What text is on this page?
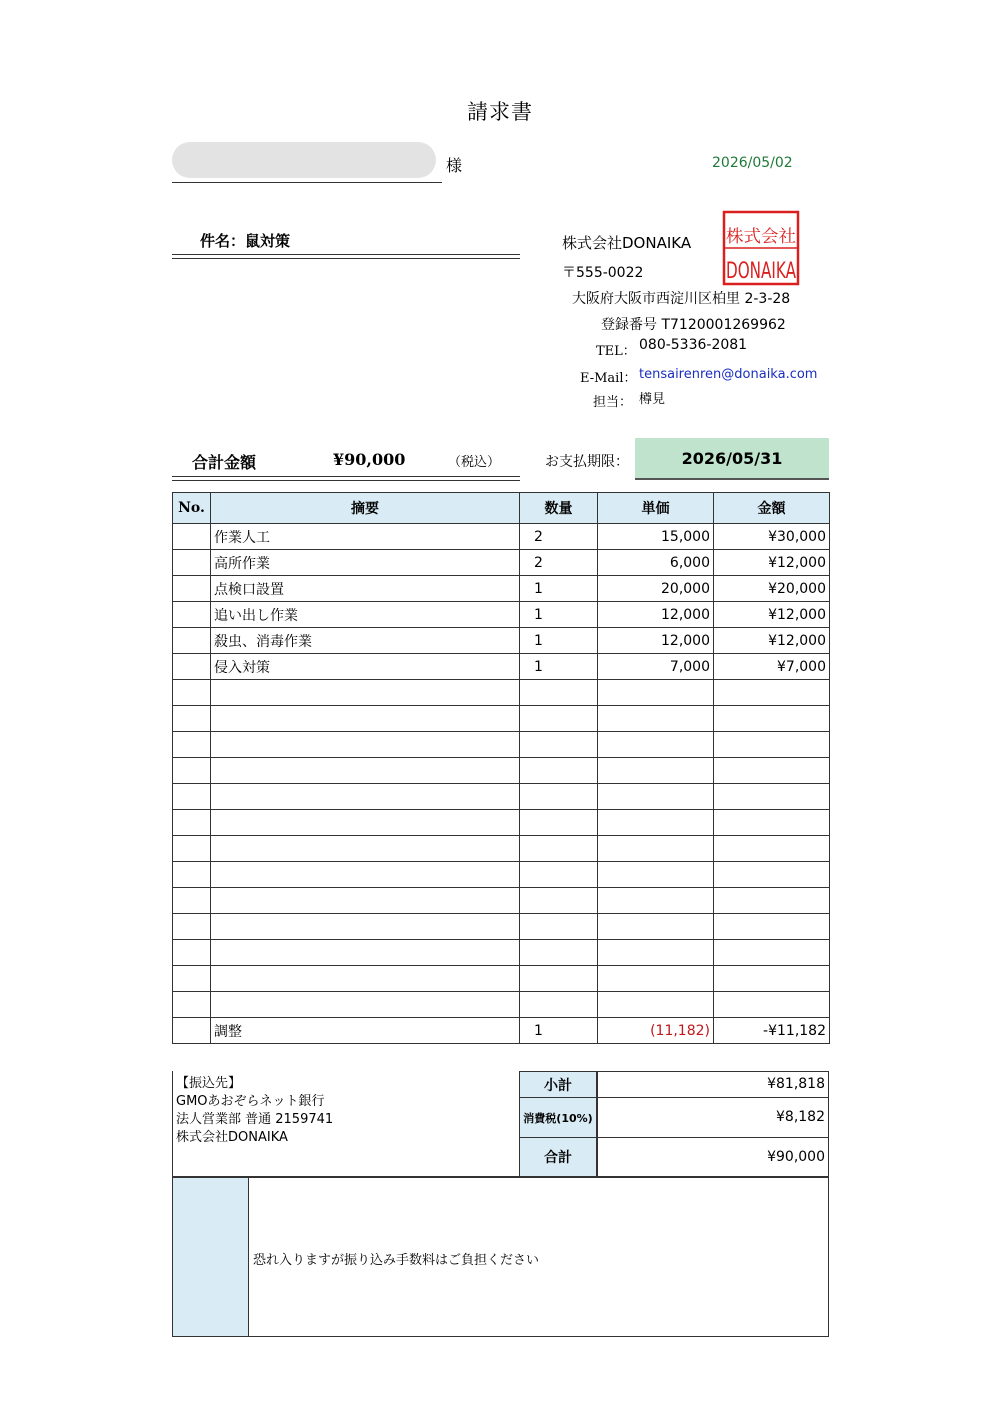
請求書
様	2026/05/02
件名：鼠対策	株式会社DONAIKA
〒555-0022
大阪府大阪市西淀川区柏里 2-3-28
登録番号 T7120001269962
TEL： 080-5336-2081
E-Mail： tensairenren@donaika.com
担当： 樽見
株式会社
DONAIKA
合計金額	¥90,000	（税込）	お支払期限：	2026/05/31
No.	摘要	数量	単価	金額
	作業人工	2	15,000	¥30,000
	高所作業	2	6,000	¥12,000
	点検口設置	1	20,000	¥20,000
	追い出し作業	1	12,000	¥12,000
	殺虫、消毒作業	1	12,000	¥12,000
	侵入対策	1	7,000	¥7,000

	調整	1	(11,182)	-¥11,182
【振込先】
GMOあおぞらネット銀行
法人営業部 普通 2159741
株式会社DONAIKA
小計	¥81,818
消費税(10%)	¥8,182
合計	¥90,000
恐れ入りますが振り込み手数料はご負担ください
